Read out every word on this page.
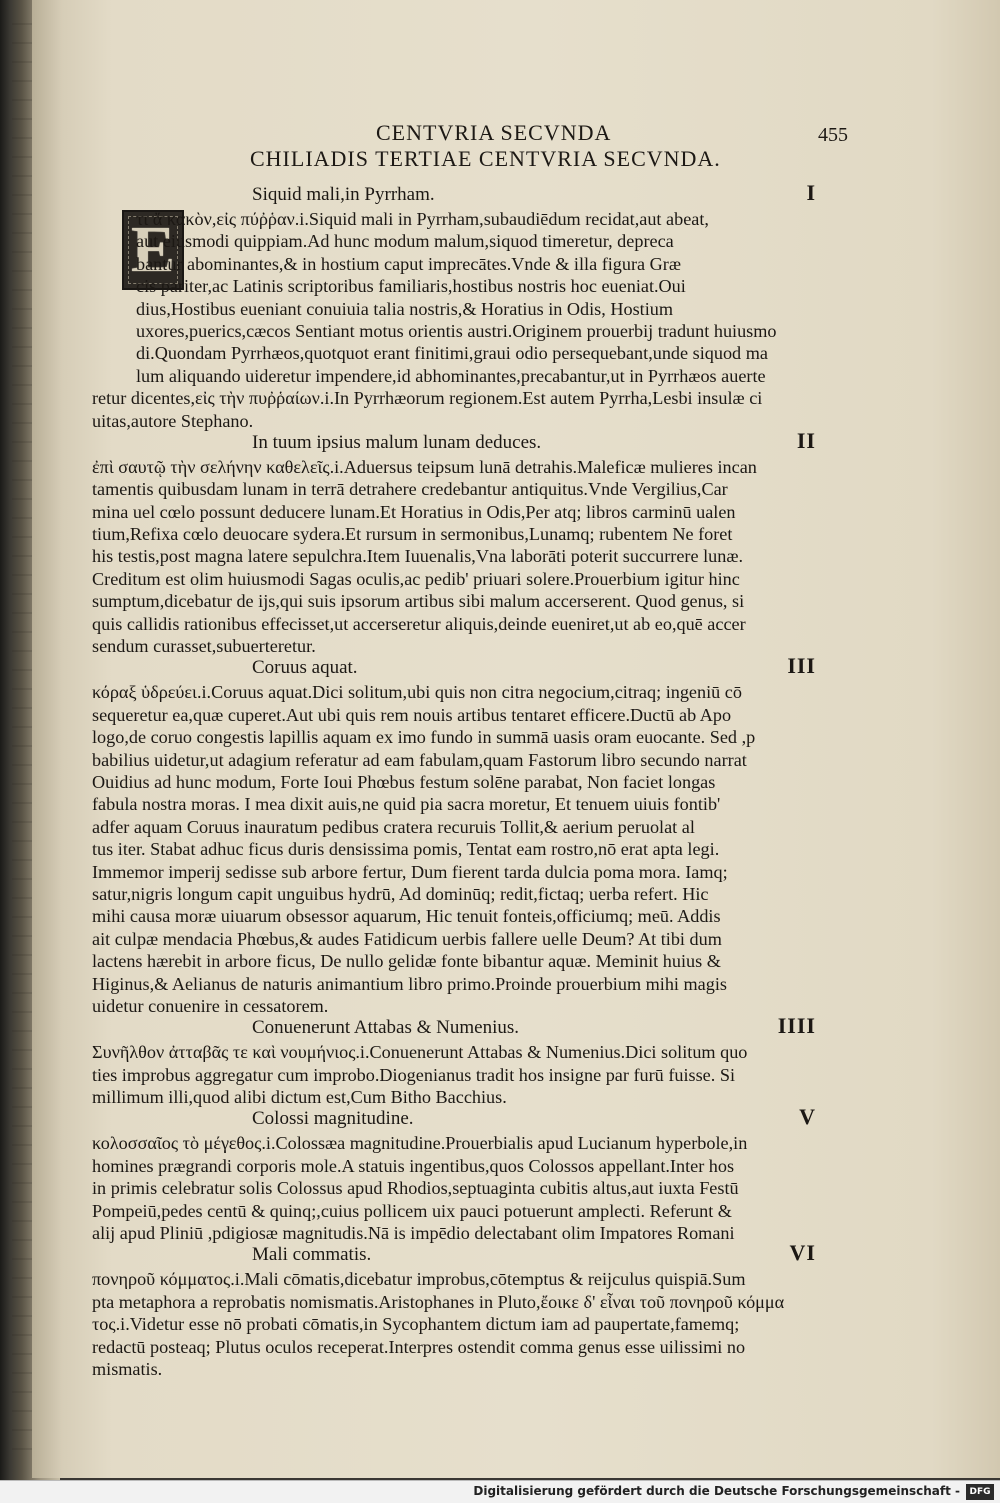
CENTVRIA SECVNDA	455
CHILIADIS TERTIAE CENTVRIA SECVNDA.
Siquid mali,in Pyrrham.	I
E
τι ἄ κακὸν,εἰς πύῤῥαν.i.Siquid mali in Pyrrham,subaudiēdum recidat,aut abeat,
aut eiusmodi quippiam.Ad hunc modum malum,siquod timeretur, depreca
bantur abominantes,& in hostium caput imprecātes.Vnde & illa figura Græ
cis pariter,ac Latinis scriptoribus familiaris,hostibus nostris hoc eueniat.Oui
dius,Hostibus eueniant conuiuia talia nostris,& Horatius in Odis, Hostium
uxores,puerics,cæcos Sentiant motus orientis austri.Originem prouerbij tradunt huiusmo
di.Quondam Pyrrhæos,quotquot erant finitimi,graui odio persequebant,unde siquod ma
lum aliquando uideretur impendere,id abhominantes,precabantur,ut in Pyrrhæos auerte
retur dicentes,εἰς τὴν πυῤῥαίων.i.In Pyrrhæorum regionem.Est autem Pyrrha,Lesbi insulæ ci
uitas,autore Stephano.
In tuum ipsius malum lunam deduces.	II
ἐπὶ σαυτῷ τὴν σελήνην καθελεῖς.i.Aduersus teipsum lunā detrahis.Maleficæ mulieres incan
tamentis quibusdam lunam in terrā detrahere credebantur antiquitus.Vnde Vergilius,Car
mina uel cœlo possunt deducere lunam.Et Horatius in Odis,Per atq; libros carminū ualen
tium,Refixa cœlo deuocare sydera.Et rursum in sermonibus,Lunamq; rubentem Ne foret
his testis,post magna latere sepulchra.Item Iuuenalis,Vna laborāti poterit succurrere lunæ.
Creditum est olim huiusmodi Sagas oculis,ac pedib' priuari solere.Prouerbium igitur hinc
sumptum,dicebatur de ijs,qui suis ipsorum artibus sibi malum accerserent. Quod genus, si
quis callidis rationibus effecisset,ut accerseretur aliquis,deinde eueniret,ut ab eo,quē accer
sendum curasset,subuerteretur.
Coruus aquat.	III
κόραξ ὑδρεύει.i.Coruus aquat.Dici solitum,ubi quis non citra negocium,citraq; ingeniū cō
sequeretur ea,quæ cuperet.Aut ubi quis rem nouis artibus tentaret efficere.Ductū ab Apo
logo,de coruo congestis lapillis aquam ex imo fundo in summā uasis oram euocante. Sed ,p
babilius uidetur,ut adagium referatur ad eam fabulam,quam Fastorum libro secundo narrat
Ouidius ad hunc modum, Forte Ioui Phœbus festum solēne parabat, Non faciet longas
fabula nostra moras. I mea dixit auis,ne quid pia sacra moretur, Et tenuem uiuis fontib'
adfer aquam Coruus inauratum pedibus cratera recuruis Tollit,& aerium peruolat al
tus iter. Stabat adhuc ficus duris densissima pomis, Tentat eam rostro,nō erat apta legi.
Immemor imperij sedisse sub arbore fertur, Dum fierent tarda dulcia poma mora. Iamq;
satur,nigris longum capit unguibus hydrū, Ad dominūq; redit,fictaq; uerba refert. Hic
mihi causa moræ uiuarum obsessor aquarum, Hic tenuit fonteis,officiumq; meū. Addis
ait culpæ mendacia Phœbus,& audes Fatidicum uerbis fallere uelle Deum? At tibi dum
lactens hærebit in arbore ficus, De nullo gelidæ fonte bibantur aquæ. Meminit huius &
Higinus,& Aelianus de naturis animantium libro primo.Proinde prouerbium mihi magis
uidetur conuenire in cessatorem.
Conuenerunt Attabas & Numenius.	IIII
Συνῆλθον ἀτταβᾶς τε καὶ νουμήνιος.i.Conuenerunt Attabas & Numenius.Dici solitum quo
ties improbus aggregatur cum improbo.Diogenianus tradit hos insigne par furū fuisse. Si
millimum illi,quod alibi dictum est,Cum Bitho Bacchius.
Colossi magnitudine.	V
κολοσσαῖος τὸ μέγεθος.i.Colossæa magnitudine.Prouerbialis apud Lucianum hyperbole,in
homines prægrandi corporis mole.A statuis ingentibus,quos Colossos appellant.Inter hos
in primis celebratur solis Colossus apud Rhodios,septuaginta cubitis altus,aut iuxta Festū
Pompeiū,pedes centū & quinq;,cuius pollicem uix pauci potuerunt amplecti. Referunt &
alij apud Pliniū ,pdigiosæ magnitudis.Nā is impēdio delectabant olim Impatores Romani
Mali commatis.	VI
πονηροῦ κόμματος.i.Mali cōmatis,dicebatur improbus,cōtemptus & reijculus quispiā.Sum
pta metaphora a reprobatis nomismatis.Aristophanes in Pluto,ἔοικε δ' εἶναι τοῦ πονηροῦ κόμμα
τος.i.Videtur esse nō probati cōmatis,in Sycophantem dictum iam ad paupertate,famemq;
redactū posteaq; Plutus oculos receperat.Interpres ostendit comma genus esse uilissimi no
mismatis.
Digitalisierung gefördert durch die Deutsche Forschungsgemeinschaft -	DFG
